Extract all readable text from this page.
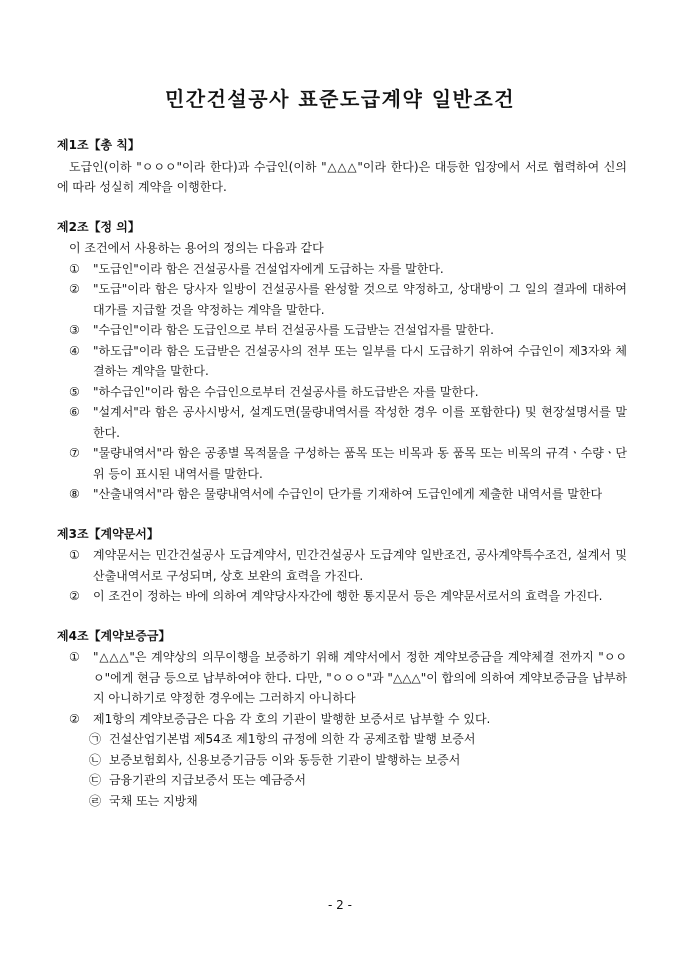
민간건설공사 표준도급계약 일반조건
제1조【총 칙】
도급인(이하 "ㅇㅇㅇ"이라 한다)과 수급인(이하 "△△△"이라 한다)은 대등한 입장에서 서로 협력하여 신의에 따라 성실히 계약을 이행한다.
제2조【정 의】
이 조건에서 사용하는 용어의 정의는 다음과 같다
①	"도급인"이라 함은 건설공사를 건설업자에게 도급하는 자를 말한다.
②	"도급"이라 함은 당사자 일방이 건설공사를 완성할 것으로 약정하고, 상대방이 그 일의 결과에 대하여 대가를 지급할 것을 약정하는 계약을 말한다.
③	"수급인"이라 함은 도급인으로 부터 건설공사를 도급받는 건설업자를 말한다.
④	"하도급"이라 함은 도급받은 건설공사의 전부 또는 일부를 다시 도급하기 위하여 수급인이 제3자와 체결하는 계약을 말한다.
⑤	"하수급인"이라 함은 수급인으로부터 건설공사를 하도급받은 자를 말한다.
⑥	"설계서"라 함은 공사시방서, 설계도면(물량내역서를 작성한 경우 이를 포함한다) 및 현장설명서를 말한다.
⑦	"물량내역서"라 함은 공종별 목적물을 구성하는 품목 또는 비목과 동 품목 또는 비목의 규격ㆍ수량ㆍ단위 등이 표시된 내역서를 말한다.
⑧	"산출내역서"라 함은 물량내역서에 수급인이 단가를 기재하여 도급인에게 제출한 내역서를 말한다
제3조【계약문서】
①	계약문서는 민간건설공사 도급계약서, 민간건설공사 도급계약 일반조건, 공사계약특수조건, 설계서 및 산출내역서로 구성되며, 상호 보완의 효력을 가진다.
②	이 조건이 정하는 바에 의하여 계약당사자간에 행한 통지문서 등은 계약문서로서의 효력을 가진다.
제4조【계약보증금】
①	"△△△"은 계약상의 의무이행을 보증하기 위해 계약서에서 정한 계약보증금을 계약체결 전까지 "ㅇㅇㅇ"에게 현금 등으로 납부하여야 한다. 다만, "ㅇㅇㅇ"과 "△△△"이 합의에 의하여 계약보증금을 납부하지 아니하기로 약정한 경우에는 그러하지 아니하다
②	제1항의 계약보증금은 다음 각 호의 기관이 발행한 보증서로 납부할 수 있다.
㉠ 건설산업기본법 제54조 제1항의 규정에 의한 각 공제조합 발행 보증서
㉡ 보증보험회사, 신용보증기금등 이와 동등한 기관이 발행하는 보증서
㉢ 금융기관의 지급보증서 또는 예금증서
㉣ 국채 또는 지방채
- 2 -
